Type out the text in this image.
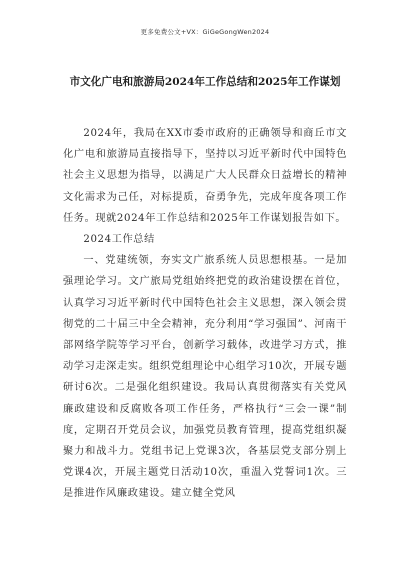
更多免费公文+VX：GiGeGongWen2024
市文化广电和旅游局2024年工作总结和2025年工作谋划

2024年，我局在XX市委市政府的正确领导和商丘市文化广电和旅游局直接指导下，坚持以习近平新时代中国特色社会主义思想为指导，以满足广大人民群众日益增长的精神文化需求为己任，对标提质，奋勇争先，完成年度各项工作任务。现就2024年工作总结和2025年工作谋划报告如下。

2024工作总结

一、党建统领，夯实文广旅系统人员思想根基。一是加强理论学习。文广旅局党组始终把党的政治建设摆在首位，认真学习习近平新时代中国特色社会主义思想，深入领会贯彻党的二十届三中全会精神，充分利用“学习强国”、河南干部网络学院等学习平台，创新学习载体，改进学习方式，推动学习走深走实。组织党组理论中心组学习10次，开展专题研讨6次。二是强化组织建设。我局认真贯彻落实有关党风廉政建设和反腐败各项工作任务，严格执行“三会一课”制度，定期召开党员会议，加强党员教育管理，提高党组织凝聚力和战斗力。党组书记上党课3次，各基层党支部分别上党课4次，开展主题党日活动10次，重温入党誓词1次。三是推进作风廉政建设。建立健全党风
